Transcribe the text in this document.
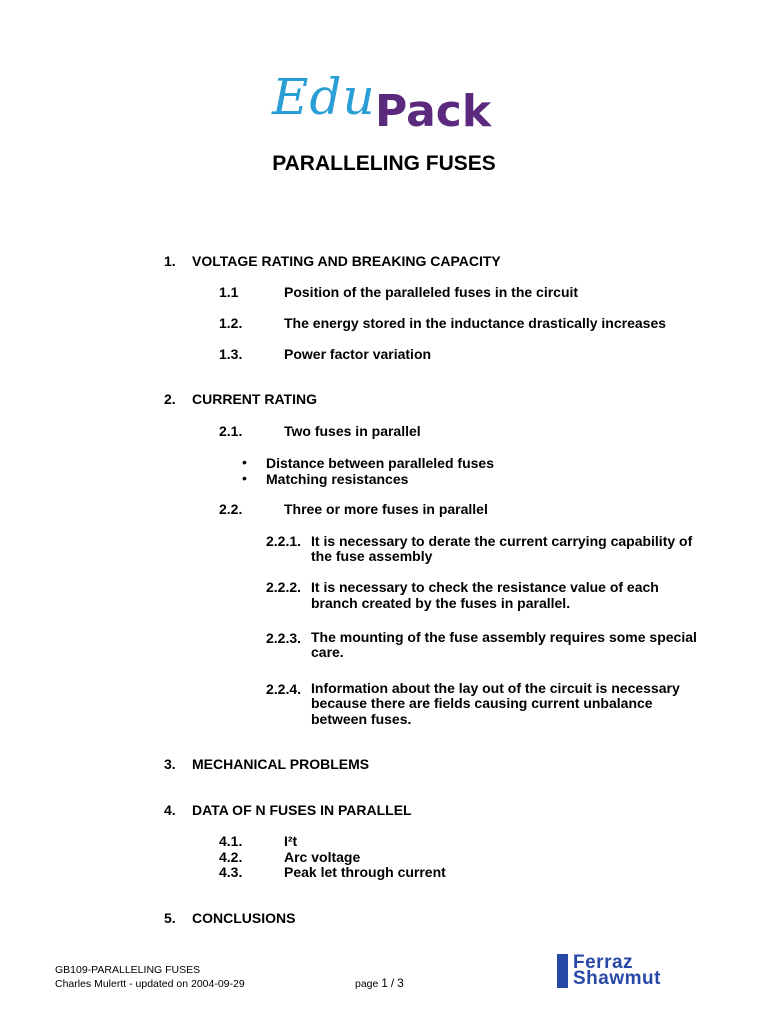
Edu Pack
PARALLELING FUSES
1. VOLTAGE RATING AND BREAKING CAPACITY
1.1	Position of the paralleled fuses in the circuit
1.2.	The energy stored in the inductance drastically increases
1.3.	Power factor variation
2. CURRENT RATING
2.1.	Two fuses in parallel
• Distance between paralleled fuses
• Matching resistances
2.2.	Three or more fuses in parallel
2.2.1. It is necessary to derate the current carrying capability of
the fuse assembly
2.2.2. It is necessary to check the resistance value of each
branch created by the fuses in parallel.
2.2.3. The mounting of the fuse assembly requires some special
care.
2.2.4. Information about the lay out of the circuit is necessary
because there are fields causing current unbalance
between fuses.
3. MECHANICAL PROBLEMS
4. DATA OF N FUSES IN PARALLEL
4.1.	I²t
4.2.	Arc voltage
4.3.	Peak let through current
5. CONCLUSIONS
GB109-PARALLELING FUSES
Charles Mulertt - updated on 2004-09-29	page 1 / 3
Ferraz
Shawmut
